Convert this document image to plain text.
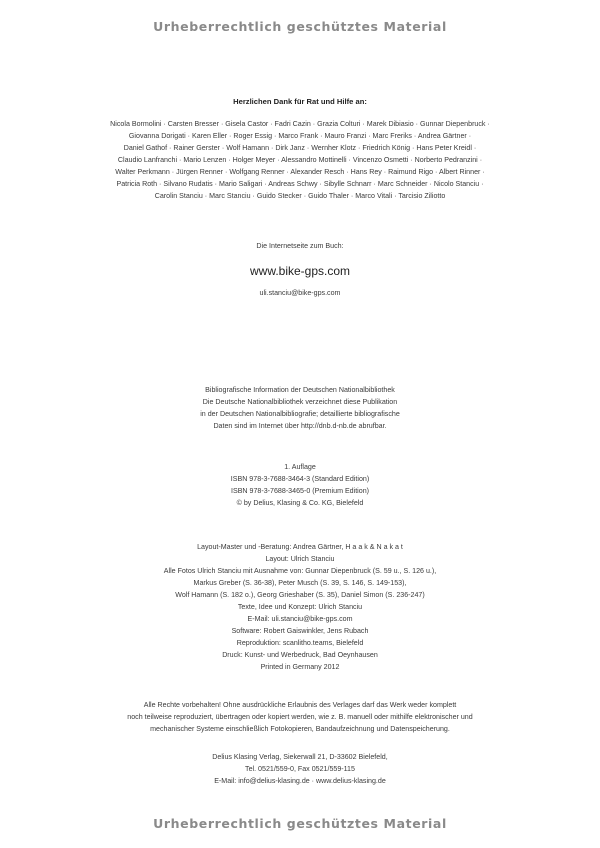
Urheberrechtlich geschütztes Material
Herzlichen Dank für Rat und Hilfe an:
Nicola Bormolini · Carsten Bresser · Gisela Castor · Fadri Cazin · Grazia Colturi · Marek Dibiasio · Gunnar Diepenbruck ·
Giovanna Dorigati · Karen Eller · Roger Essig · Marco Frank · Mauro Franzi · Marc Freriks · Andrea Gärtner ·
Daniel Gathof · Rainer Gerster · Wolf Hamann · Dirk Janz · Wernher Klotz · Friedrich König · Hans Peter Kreidl ·
Claudio Lanfranchi · Mario Lenzen · Holger Meyer · Alessandro Mottinelli · Vincenzo Osmetti · Norberto Pedranzini ·
Walter Perkmann · Jürgen Renner · Wolfgang Renner · Alexander Resch · Hans Rey · Raimund Rigo · Albert Rinner ·
Patricia Roth · Silvano Rudatis · Mario Saligari · Andreas Schwy · Sibylle Schnarr · Marc Schneider · Nicolo Stanciu ·
Carolin Stanciu · Marc Stanciu · Guido Stecker · Guido Thaler · Marco Vitali · Tarcisio Ziliotto
Die Internetseite zum Buch:
www.bike-gps.com
uli.stanciu@bike-gps.com
Bibliografische Information der Deutschen Nationalbibliothek
Die Deutsche Nationalbibliothek verzeichnet diese Publikation
in der Deutschen Nationalbibliografie; detaillierte bibliografische
Daten sind im Internet über http://dnb.d-nb.de abrufbar.
1. Auflage
ISBN 978-3-7688-3464-3 (Standard Edition)
ISBN 978-3-7688-3465-0 (Premium Edition)
© by Delius, Klasing & Co. KG, Bielefeld
Layout-Master und -Beratung: Andrea Gärtner, H a a k & N a k a t
Layout: Ulrich Stanciu
Alle Fotos Ulrich Stanciu mit Ausnahme von: Gunnar Diepenbruck (S. 59 u., S. 126 u.),
Markus Greber (S. 36-38), Peter Musch (S. 39, S. 146, S. 149-153),
Wolf Hamann (S. 182 o.), Georg Grieshaber (S. 35), Daniel Simon (S. 236-247)
Texte, Idee und Konzept: Ulrich Stanciu
E-Mail: uli.stanciu@bike-gps.com
Software: Robert Gaiswinkler, Jens Rubach
Reproduktion: scanlitho.teams, Bielefeld
Druck: Kunst- und Werbedruck, Bad Oeynhausen
Printed in Germany 2012
Alle Rechte vorbehalten! Ohne ausdrückliche Erlaubnis des Verlages darf das Werk weder komplett
noch teilweise reproduziert, übertragen oder kopiert werden, wie z. B. manuell oder mithilfe elektronischer und
mechanischer Systeme einschließlich Fotokopieren, Bandaufzeichnung und Datenspeicherung.
Delius Klasing Verlag, Siekerwall 21, D-33602 Bielefeld,
Tel. 0521/559-0, Fax 0521/559-115
E-Mail: info@delius-klasing.de · www.delius-klasing.de
Urheberrechtlich geschütztes Material
